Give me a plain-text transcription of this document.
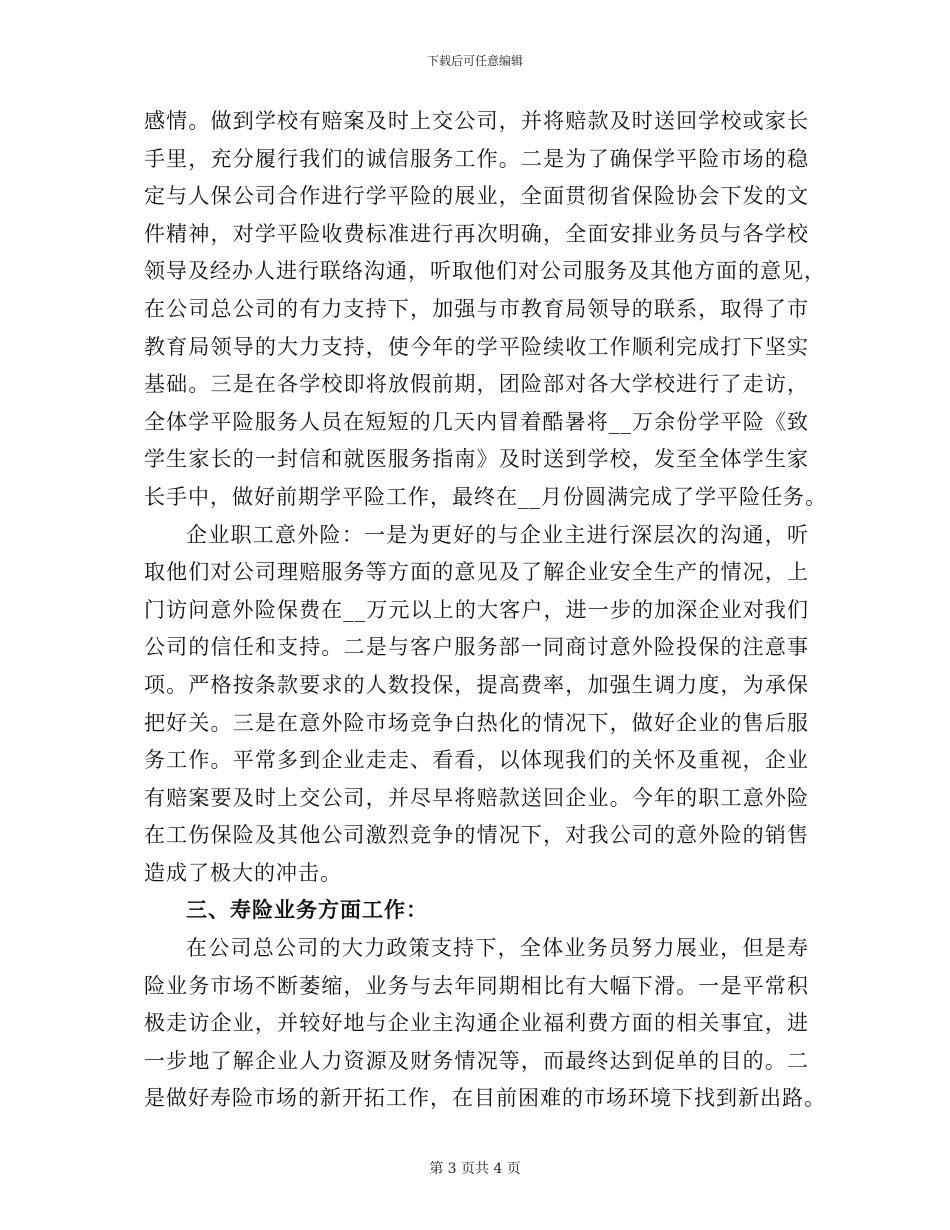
下载后可任意编辑
感情。做到学校有赔案及时上交公司，并将赔款及时送回学校或家长
手里，充分履行我们的诚信服务工作。二是为了确保学平险市场的稳
定与人保公司合作进行学平险的展业，全面贯彻省保险协会下发的文
件精神，对学平险收费标准进行再次明确，全面安排业务员与各学校
领导及经办人进行联络沟通，听取他们对公司服务及其他方面的意见，
在公司总公司的有力支持下，加强与市教育局领导的联系，取得了市
教育局领导的大力支持，使今年的学平险续收工作顺利完成打下坚实
基础。三是在各学校即将放假前期，团险部对各大学校进行了走访，
全体学平险服务人员在短短的几天内冒着酷暑将__万余份学平险《致
学生家长的一封信和就医服务指南》及时送到学校，发至全体学生家
长手中，做好前期学平险工作，最终在__月份圆满完成了学平险任务。
企业职工意外险：一是为更好的与企业主进行深层次的沟通，听
取他们对公司理赔服务等方面的意见及了解企业安全生产的情况，上
门访问意外险保费在__万元以上的大客户，进一步的加深企业对我们
公司的信任和支持。二是与客户服务部一同商讨意外险投保的注意事
项。严格按条款要求的人数投保，提高费率，加强生调力度，为承保
把好关。三是在意外险市场竞争白热化的情况下，做好企业的售后服
务工作。平常多到企业走走、看看，以体现我们的关怀及重视，企业
有赔案要及时上交公司，并尽早将赔款送回企业。今年的职工意外险
在工伤保险及其他公司激烈竞争的情况下，对我公司的意外险的销售
造成了极大的冲击。
三、寿险业务方面工作：
在公司总公司的大力政策支持下，全体业务员努力展业，但是寿
险业务市场不断萎缩，业务与去年同期相比有大幅下滑。一是平常积
极走访企业，并较好地与企业主沟通企业福利费方面的相关事宜，进
一步地了解企业人力资源及财务情况等，而最终达到促单的目的。二
是做好寿险市场的新开拓工作，在目前困难的市场环境下找到新出路。
第 3 页共 4 页
